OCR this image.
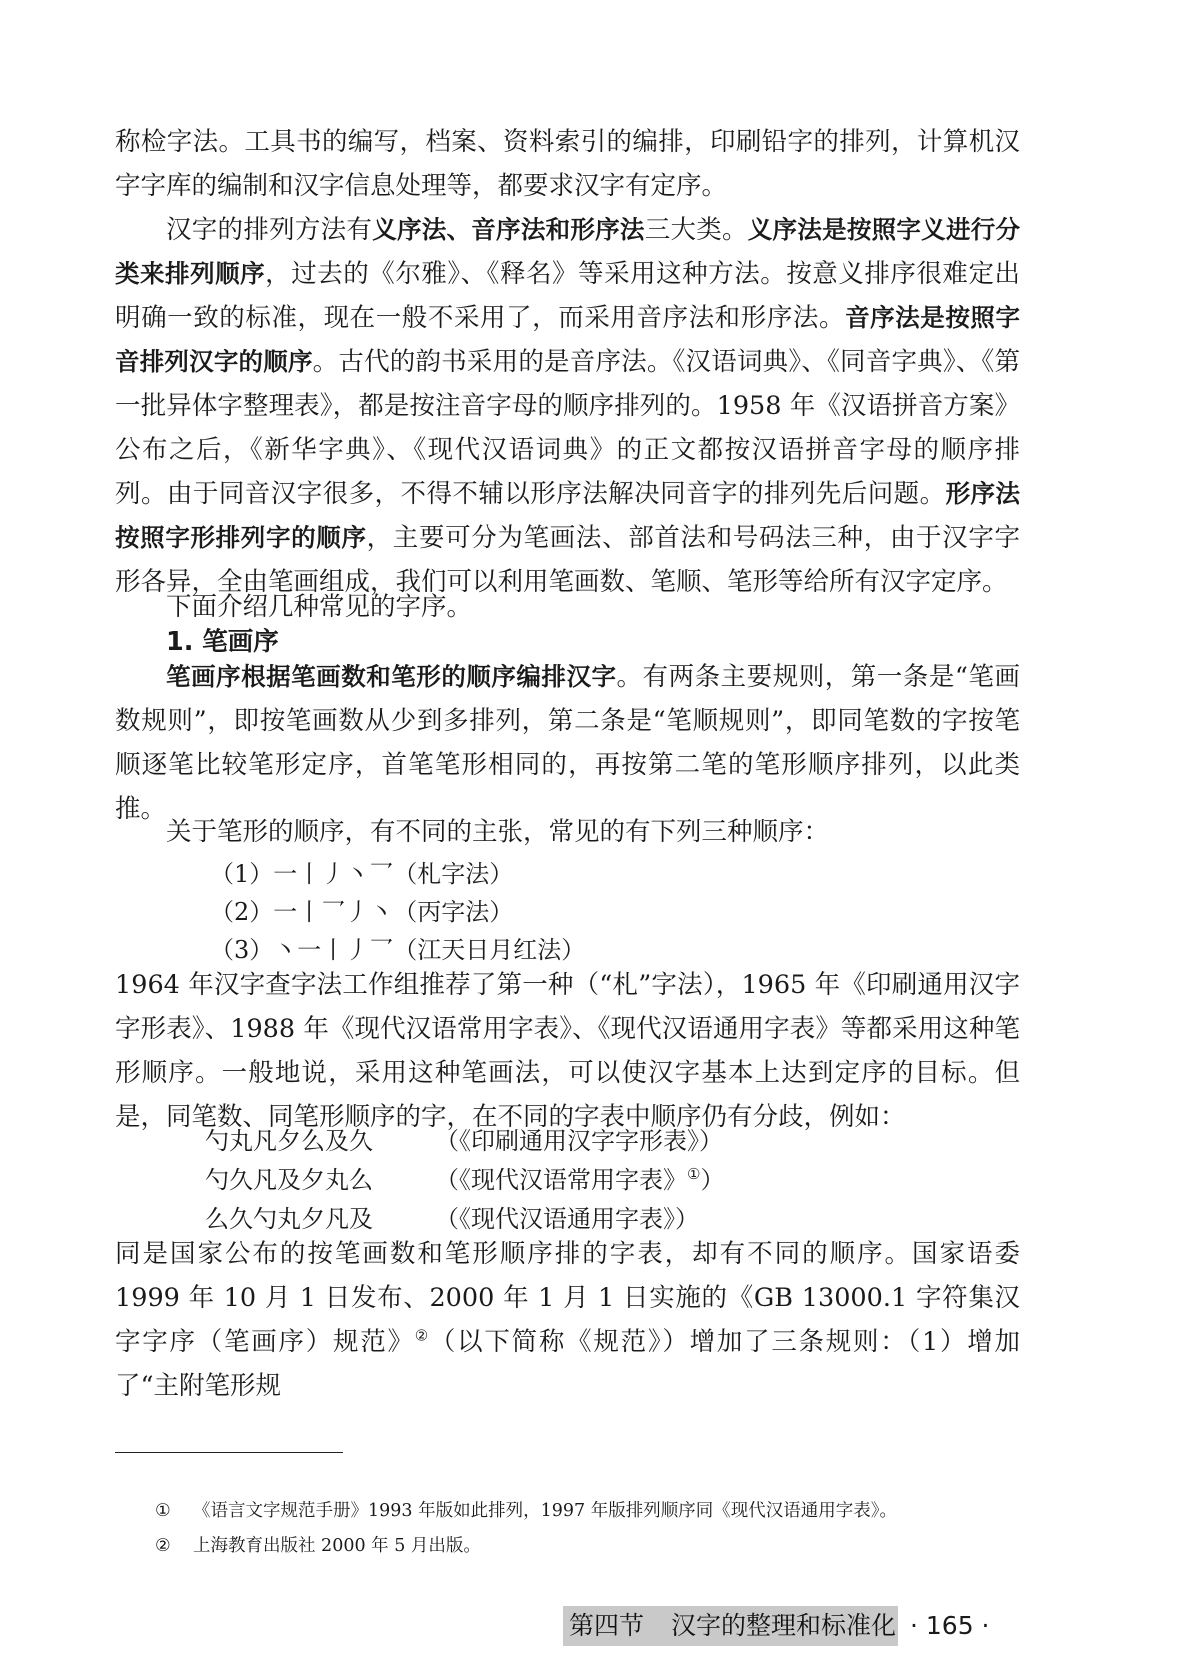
称检字法。工具书的编写，档案、资料索引的编排，印刷铅字的排列，计算机汉字字库的编制和汉字信息处理等，都要求汉字有定序。

汉字的排列方法有义序法、音序法和形序法三大类。义序法是按照字义进行分类来排列顺序，过去的《尔雅》、《释名》等采用这种方法。按意义排序很难定出明确一致的标准，现在一般不采用了，而采用音序法和形序法。音序法是按照字音排列汉字的顺序。古代的韵书采用的是音序法。《汉语词典》、《同音字典》、《第一批异体字整理表》，都是按注音字母的顺序排列的。1958 年《汉语拼音方案》公布之后，《新华字典》、《现代汉语词典》的正文都按汉语拼音字母的顺序排列。由于同音汉字很多，不得不辅以形序法解决同音字的排列先后问题。形序法按照字形排列字的顺序，主要可分为笔画法、部首法和号码法三种，由于汉字字形各异，全由笔画组成，我们可以利用笔画数、笔顺、笔形等给所有汉字定序。

下面介绍几种常见的字序。

1. 笔画序

笔画序根据笔画数和笔形的顺序编排汉字。有两条主要规则，第一条是“笔画数规则”，即按笔画数从少到多排列，第二条是“笔顺规则”，即同笔数的字按笔顺逐笔比较笔形定序，首笔笔形相同的，再按第二笔的笔形顺序排列，以此类推。

关于笔形的顺序，有不同的主张，常见的有下列三种顺序：

（1）一丨丿丶乛（札字法）

（2）一丨乛丿丶（丙字法）

（3）丶一丨丿乛（江天日月红法）

1964 年汉字查字法工作组推荐了第一种（“札”字法），1965 年《印刷通用汉字字形表》、1988 年《现代汉语常用字表》、《现代汉语通用字表》等都采用这种笔形顺序。一般地说，采用这种笔画法，可以使汉字基本上达到定序的目标。但是，同笔数、同笔形顺序的字，在不同的字表中顺序仍有分歧，例如：

勺丸凡夕么及久	（《印刷通用汉字字形表》）

勺久凡及夕丸么	（《现代汉语常用字表》①）

么久勺丸夕凡及	（《现代汉语通用字表》）

同是国家公布的按笔画数和笔形顺序排的字表，却有不同的顺序。国家语委 1999 年 10 月 1 日发布、2000 年 1 月 1 日实施的《GB 13000.1 字符集汉字字序（笔画序）规范》②（以下简称《规范》）增加了三条规则：（1）增加了“主附笔形规

① 《语言文字规范手册》1993 年版如此排列，1997 年版排列顺序同《现代汉语通用字表》。

② 上海教育出版社 2000 年 5 月出版。

第四节 汉字的整理和标准化 · 165 ·
